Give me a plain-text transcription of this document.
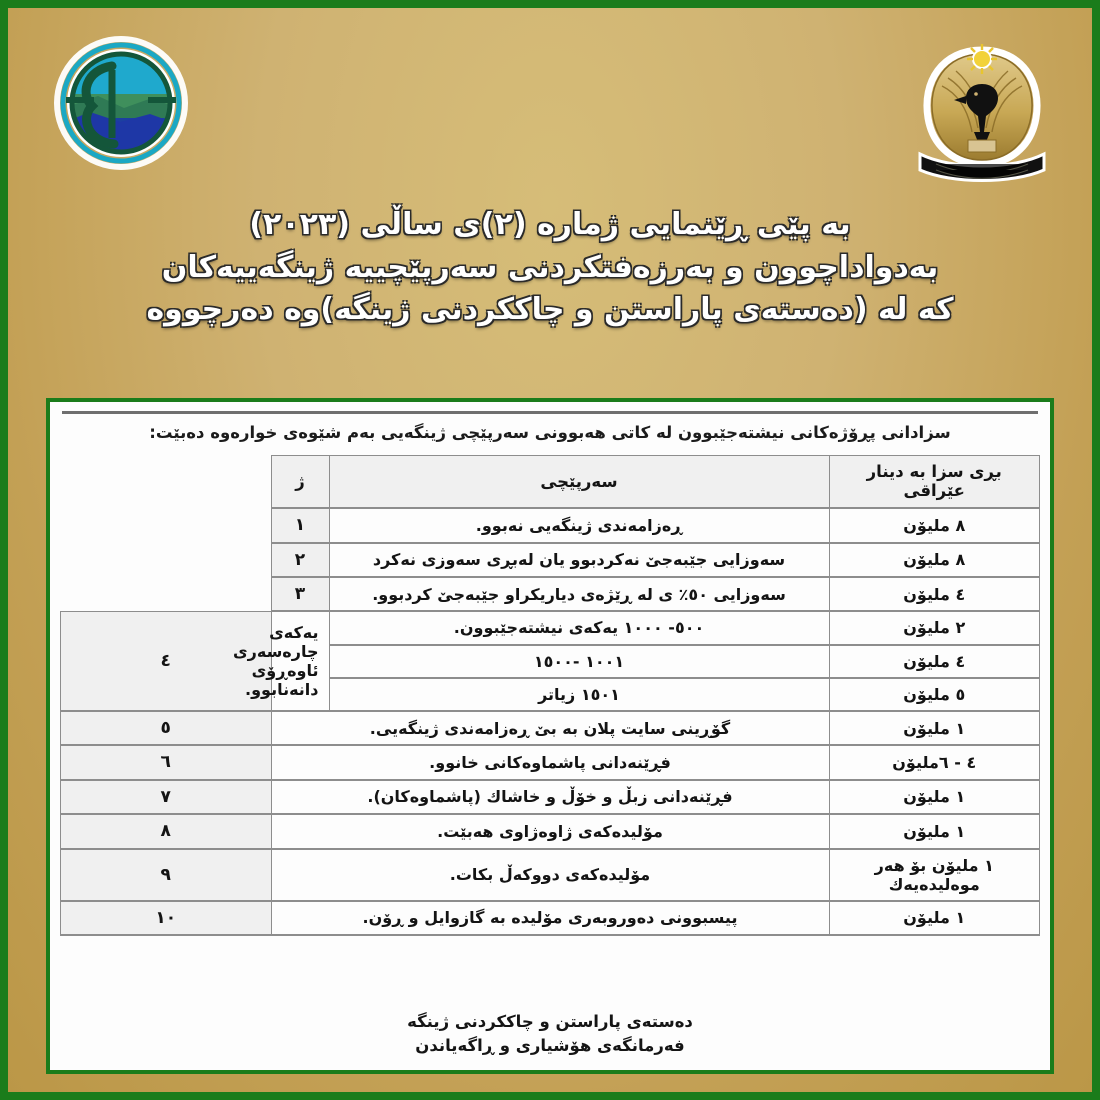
بە پێی ڕێنمایی ژمارە (٢)ی ساڵی (٢٠٢٣)
بەدواداچوون و بەرزەفتکردنی سەرپێچییە ژینگەییەکان
کە لە (دەستەی پاراستن و چاککردنی ژینگە)وە دەرچووە
سزادانی پڕۆژەکانی نیشتەجێبوون لە کاتی هەبوونی سەرپێچی ژینگەیی بەم شێوەی خوارەوە دەبێت:
بڕی سزا بە دینار عێراقی	سەرپێچی	ژ	
٨ ملیۆن	ڕەزامەندی ژینگەیی نەبوو.	١	
٨ ملیۆن	سەوزایی جێبەجێ نەکردبوو یان لەبڕی سەوزی نەکرد	٢	
٤ ملیۆن	سەوزایی ٥٠٪ ی لە ڕێژەی دیاریکراو جێبەجێ کردبوو.	٣	
٢ ملیۆن	٥٠٠- ١٠٠٠ یەکەی نیشتەجێبوون.	یەکەی چارەسەری ئاوەڕۆی دانەنابوو.	٤
٤ ملیۆن	١٠٠١ -١٥٠٠		
٥ ملیۆن	١٥٠١ زیاتر		
١ ملیۆن	گۆڕینی سایت پلان بە بێ ڕەزامەندی ژینگەیی.		٥
٤ - ٦ملیۆن	فڕێنەدانی پاشماوەکانی خانوو.		٦
١ ملیۆن	فڕێنەدانی زبڵ و خۆڵ و خاشاك (پاشماوەکان).		٧
١ ملیۆن	مۆلیدەکەی ژاوەژاوی هەبێت.		٨
١ ملیۆن بۆ هەر موەلیدەیەك	مۆلیدەکەی دووکەڵ بکات.		٩
١ ملیۆن	پیسبوونی دەوروبەری مۆلیدە بە گازوایل و ڕۆن.		١٠
دەستەی پاراستن و چاککردنی ژینگە
فەرمانگەی هۆشیاری و ڕاگەیاندن
